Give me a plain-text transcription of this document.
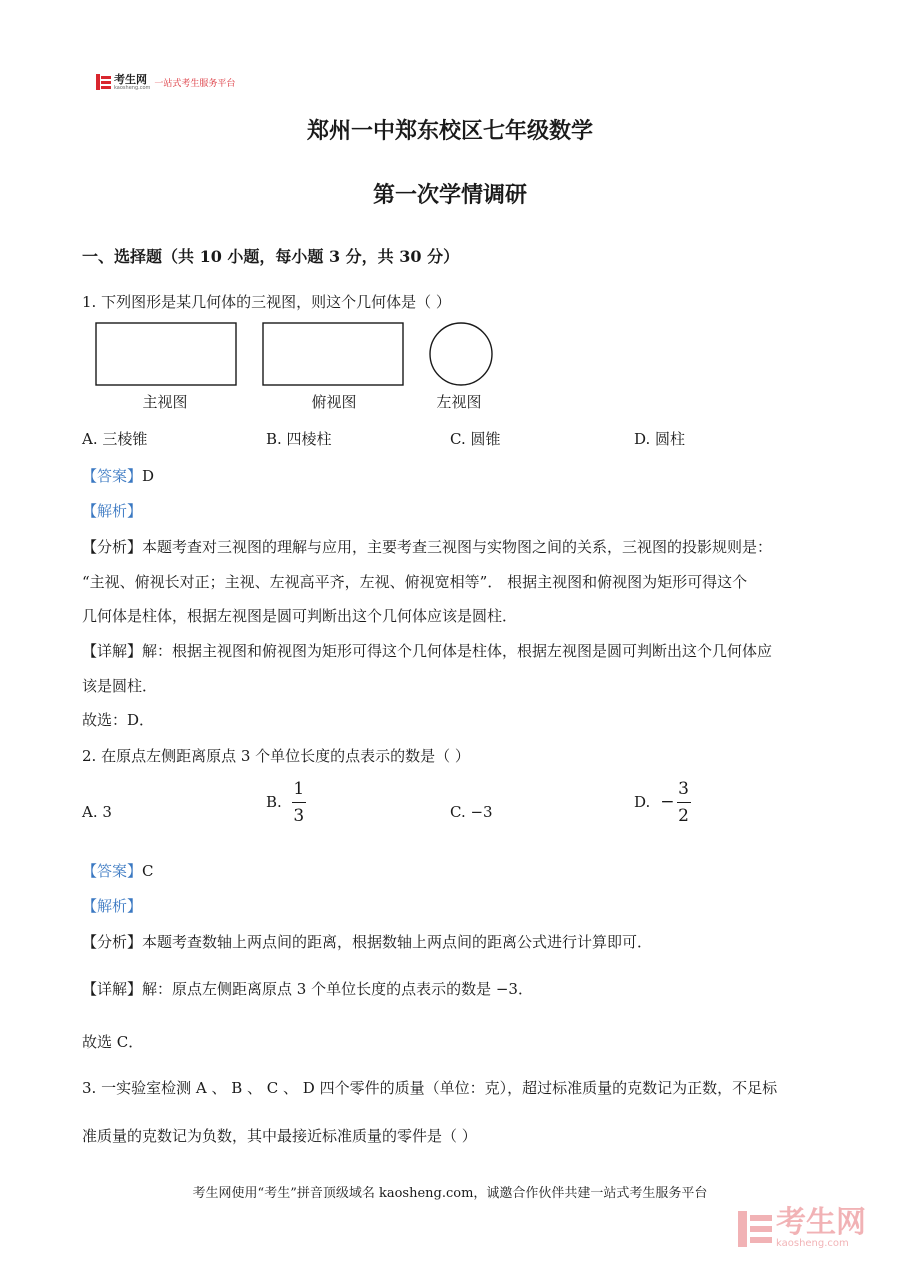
考生网
kaosheng.com 一站式考生服务平台
郑州一中郑东校区七年级数学
第一次学情调研
一、选择题（共 10 小题，每小题 3 分，共 30 分）
1. 下列图形是某几何体的三视图，则这个几何体是（ ）
主视图	俯视图	左视图
A. 三棱锥	B. 四棱柱	C. 圆锥	D. 圆柱
【答案】D
【解析】
【分析】本题考查对三视图的理解与应用，主要考查三视图与实物图之间的关系，三视图的投影规则是：
“主视、俯视长对正；主视、左视高平齐，左视、俯视宽相等”． 根据主视图和俯视图为矩形可得这个
几何体是柱体，根据左视图是圆可判断出这个几何体应该是圆柱．
【详解】解：根据主视图和俯视图为矩形可得这个几何体是柱体，根据左视图是圆可判断出这个几何体应
该是圆柱．
故选：D．
2. 在原点左侧距离原点 3 个单位长度的点表示的数是（ ）
A. 3
B. $\frac{1}{3}$	C. −3
D. − $\frac{3}{2}$
【答案】C
【解析】
【分析】本题考查数轴上两点间的距离，根据数轴上两点间的距离公式进行计算即可．
【详解】解：原点左侧距离原点 3 个单位长度的点表示的数是 −3．
故选 C．
3. 一实验室检测 A 、 B 、 C 、 D 四个零件的质量（单位：克），超过标准质量的克数记为正数，不足标
准质量的克数记为负数，其中最接近标准质量的零件是（ ）
考生网使用“考生”拼音顶级域名 kaosheng.com，诚邀合作伙伴共建一站式考生服务平台
考生网
kaosheng.com
